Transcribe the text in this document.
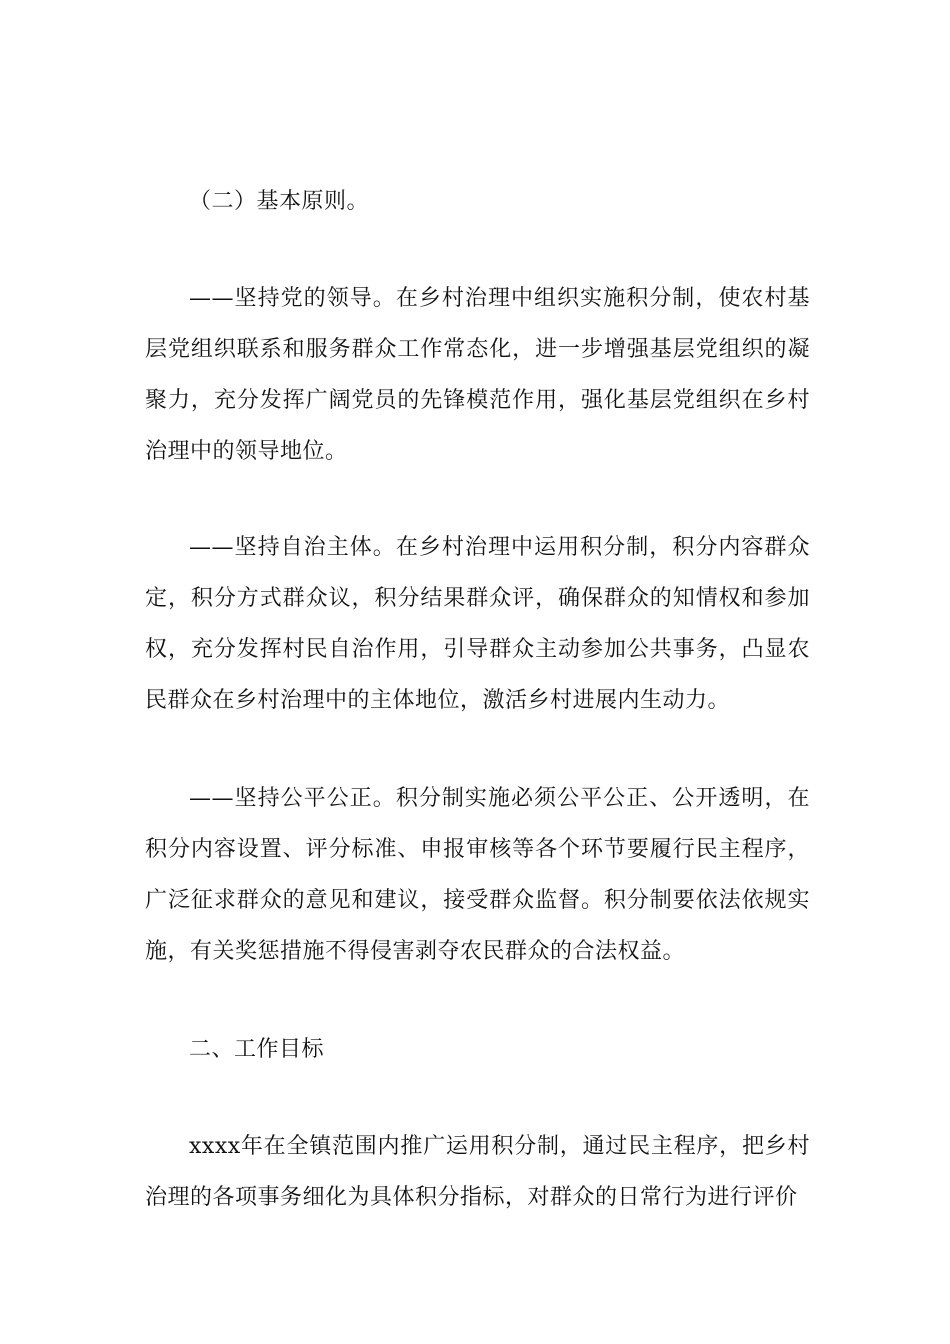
（二）基本原则。

——坚持党的领导。在乡村治理中组织实施积分制，使农村基层党组织联系和服务群众工作常态化，进一步增强基层党组织的凝聚力，充分发挥广阔党员的先锋模范作用，强化基层党组织在乡村治理中的领导地位。

——坚持自治主体。在乡村治理中运用积分制，积分内容群众定，积分方式群众议，积分结果群众评，确保群众的知情权和参加权，充分发挥村民自治作用，引导群众主动参加公共事务，凸显农民群众在乡村治理中的主体地位，激活乡村进展内生动力。

——坚持公平公正。积分制实施必须公平公正、公开透明，在积分内容设置、评分标准、申报审核等各个环节要履行民主程序，广泛征求群众的意见和建议，接受群众监督。积分制要依法依规实施，有关奖惩措施不得侵害剥夺农民群众的合法权益。

二、工作目标

xxxx年在全镇范围内推广运用积分制，通过民主程序，把乡村治理的各项事务细化为具体积分指标，对群众的日常行为进行评价
